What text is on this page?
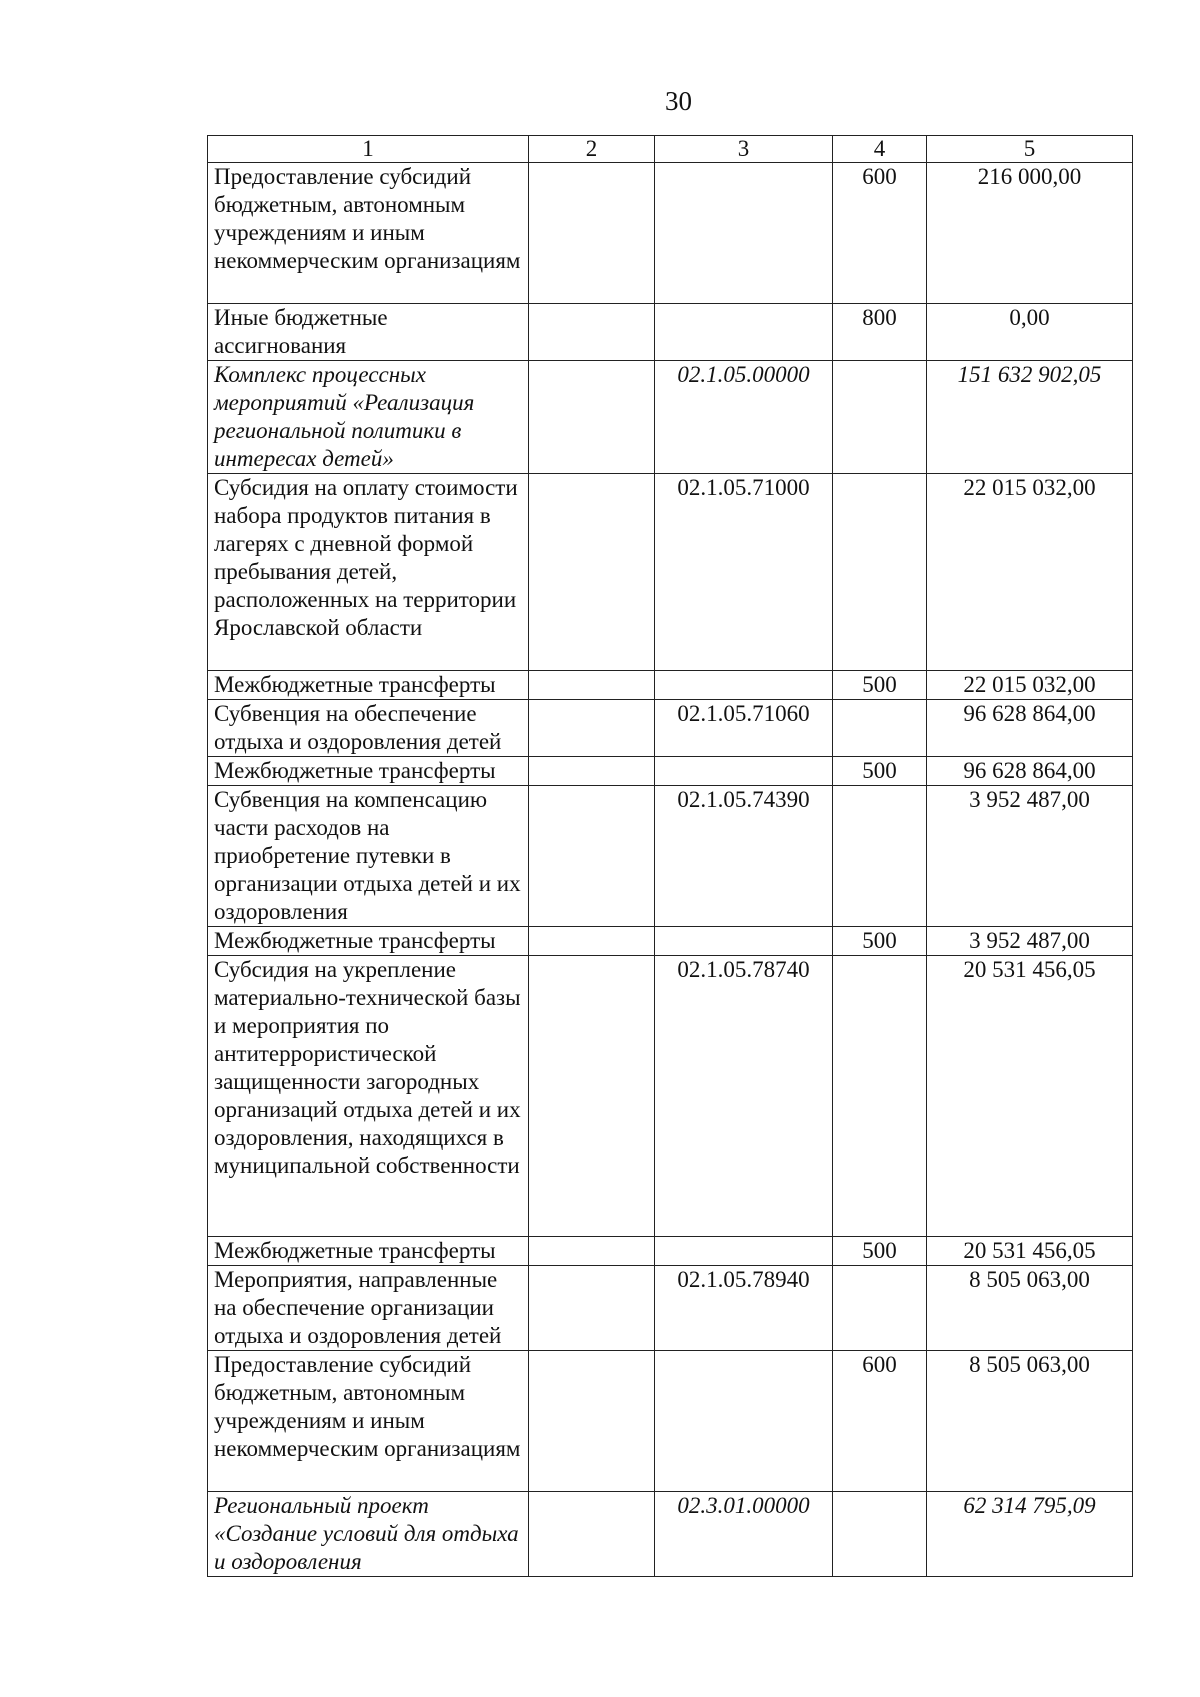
30
1	2	3	4	5
Предоставление субсидий бюджетным, автономным учреждениям и иным некоммерческим организациям			600	216 000,00
Иные бюджетные ассигнования			800	0,00
Комплекс процессных мероприятий «Реализация региональной политики в интересах детей»		02.1.05.00000		151 632 902,05
Субсидия на оплату стоимости набора продуктов питания в лагерях с дневной формой пребывания детей, расположенных на территории Ярославской области		02.1.05.71000		22 015 032,00
Межбюджетные трансферты			500	22 015 032,00
Субвенция на обеспечение отдыха и оздоровления детей		02.1.05.71060		96 628 864,00
Межбюджетные трансферты			500	96 628 864,00
Субвенция на компенсацию части расходов на приобретение путевки в организации отдыха детей и их оздоровления		02.1.05.74390		3 952 487,00
Межбюджетные трансферты			500	3 952 487,00
Субсидия на укрепление материально-технической базы и мероприятия по антитеррористической защищенности загородных организаций отдыха детей и их оздоровления, находящихся в муниципальной собственности		02.1.05.78740		20 531 456,05
Межбюджетные трансферты			500	20 531 456,05
Мероприятия, направленные на обеспечение организации отдыха и оздоровления детей		02.1.05.78940		8 505 063,00
Предоставление субсидий бюджетным, автономным учреждениям и иным некоммерческим организациям			600	8 505 063,00
Региональный проект «Создание условий для отдыха и оздоровления		02.3.01.00000		62 314 795,09
